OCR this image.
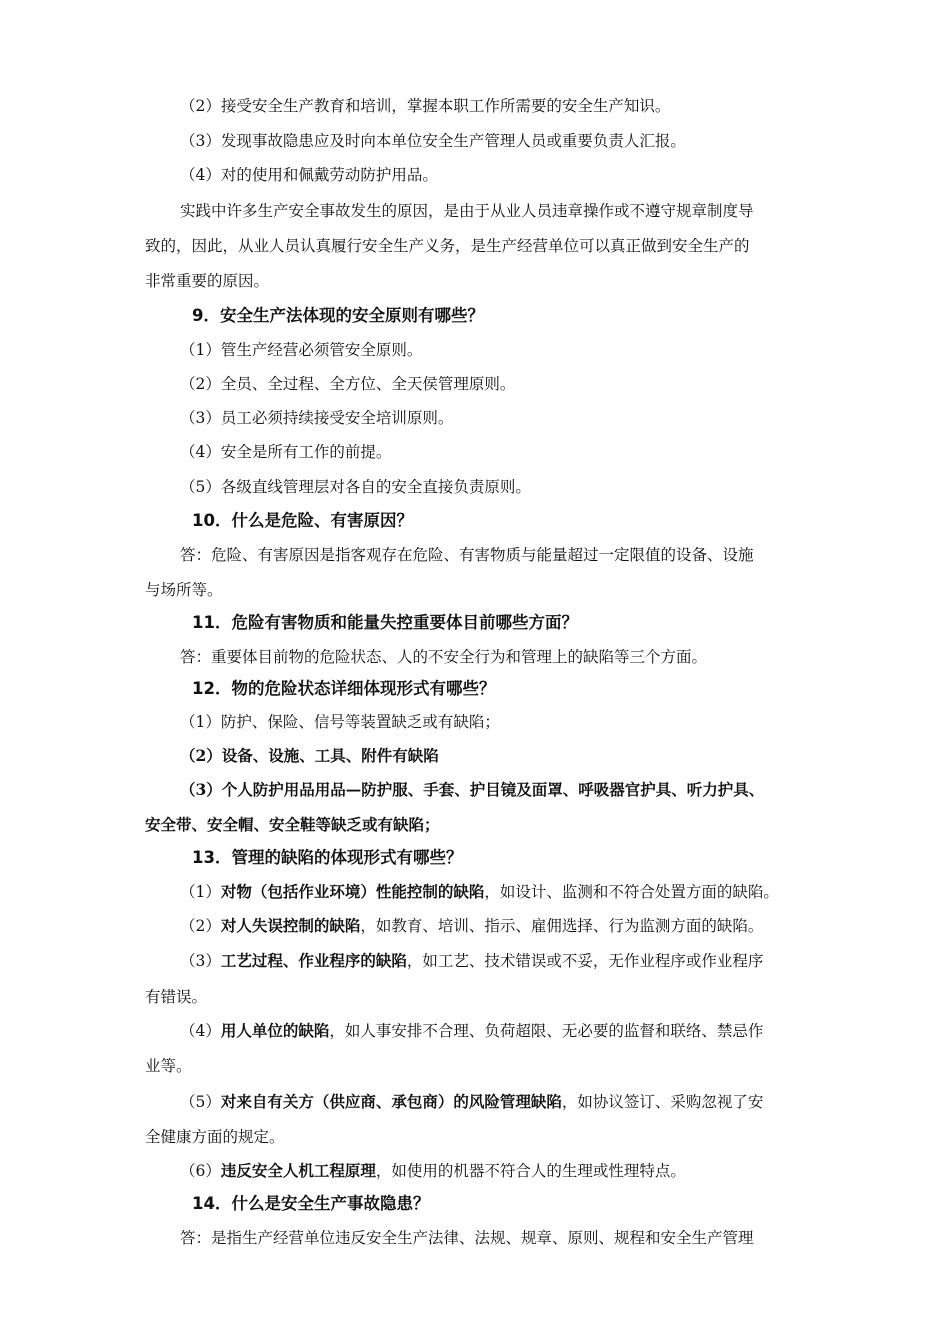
（2）接受安全生产教育和培训，掌握本职工作所需要的安全生产知识。
（3）发现事故隐患应及时向本单位安全生产管理人员或重要负责人汇报。
（4）对的使用和佩戴劳动防护用品。
实践中许多生产安全事故发生的原因，是由于从业人员违章操作或不遵守规章制度导
致的，因此，从业人员认真履行安全生产义务，是生产经营单位可以真正做到安全生产的
非常重要的原因。
9．安全生产法体现的安全原则有哪些？
（1）管生产经营必须管安全原则。
（2）全员、全过程、全方位、全天侯管理原则。
（3）员工必须持续接受安全培训原则。
（4）安全是所有工作的前提。
（5）各级直线管理层对各自的安全直接负责原则。
10．什么是危险、有害原因？
答：危险、有害原因是指客观存在危险、有害物质与能量超过一定限值的设备、设施
与场所等。
11．危险有害物质和能量失控重要体目前哪些方面？
答：重要体目前物的危险状态、人的不安全行为和管理上的缺陷等三个方面。
12．物的危险状态详细体现形式有哪些？
（1）防护、保险、信号等装置缺乏或有缺陷；
（2）设备、设施、工具、附件有缺陷
（3）个人防护用品用品—防护服、手套、护目镜及面罩、呼吸器官护具、听力护具、
安全带、安全帽、安全鞋等缺乏或有缺陷；
13．管理的缺陷的体现形式有哪些？
（1）对物（包括作业环境）性能控制的缺陷，如设计、监测和不符合处置方面的缺陷。
（2）对人失误控制的缺陷，如教育、培训、指示、雇佣选择、行为监测方面的缺陷。
（3）工艺过程、作业程序的缺陷，如工艺、技术错误或不妥，无作业程序或作业程序
有错误。
（4）用人单位的缺陷，如人事安排不合理、负荷超限、无必要的监督和联络、禁忌作
业等。
（5）对来自有关方（供应商、承包商）的风险管理缺陷，如协议签订、采购忽视了安
全健康方面的规定。
（6）违反安全人机工程原理，如使用的机器不符合人的生理或性理特点。
14．什么是安全生产事故隐患？
答：是指生产经营单位违反安全生产法律、法规、规章、原则、规程和安全生产管理
